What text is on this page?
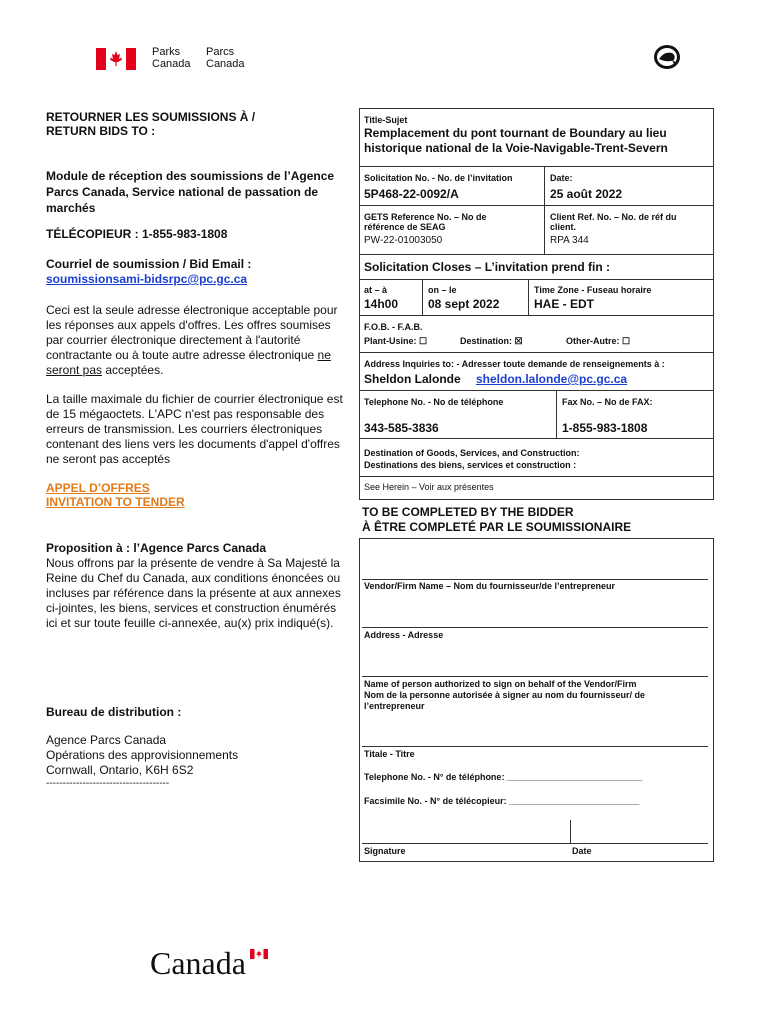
Parks
Canada
Parcs
Canada
RETOURNER LES SOUMISSIONS À /
RETURN BIDS TO :
Module de réception des soumissions de l’Agence
Parcs Canada, Service national de passation de
marchés
TÉLÉCOPIEUR : 1-855-983-1808
Courriel de soumission / Bid Email :
soumissionsami-bidsrpc@pc.gc.ca
Ceci est la seule adresse électronique acceptable pour
les réponses aux appels d'offres. Les offres soumises
par courrier électronique directement à l'autorité
contractante ou à toute autre adresse électronique ne
seront pas acceptées.
La taille maximale du fichier de courrier électronique est
de 15 mégaoctets. L'APC n'est pas responsable des
erreurs de transmission. Les courriers électroniques
contenant des liens vers les documents d'appel d'offres
ne seront pas acceptés
APPEL D’OFFRES
INVITATION TO TENDER
Proposition à : l’Agence Parcs Canada
Nous offrons par la présente de vendre à Sa Majesté la
Reine du Chef du Canada, aux conditions énoncées ou
incluses par référence dans la présente at aux annexes
ci-jointes, les biens, services et construction énumérés
ici et sur toute feuille ci-annexée, au(x) prix indiqué(s).
Bureau de distribution :
Agence Parcs Canada
Opérations des approvisionnements
Cornwall, Ontario, K6H 6S2
-------------------------------------
Title-Sujet
Remplacement du pont tournant de Boundary au lieu
historique national de la Voie-Navigable-Trent-Severn
Solicitation No. - No. de l’invitation
5P468-22-0092/A
Date:
25 août 2022
GETS Reference No. – No de
référence de SEAG
PW-22-01003050
Client Ref. No. – No. de réf du
client.
RPA 344
Solicitation Closes – L’invitation prend fin :
at – à
14h00
on – le
08 sept 2022
Time Zone - Fuseau horaire
HAE - EDT
F.O.B. - F.A.B.
Plant-Usine: ☐	Destination: ☒	Other-Autre: ☐
Address Inquiries to: - Adresser toute demande de renseignements à :
Sheldon Lalonde sheldon.lalonde@pc.gc.ca
Telephone No. - No de téléphone
343-585-3836
Fax No. – No de FAX:
1-855-983-1808
Destination of Goods, Services, and Construction:
Destinations des biens, services et construction :
See Herein – Voir aux présentes
TO BE COMPLETED BY THE BIDDER
À ÊTRE COMPLETÉ PAR LE SOUMISSIONAIRE
Vendor/Firm Name – Nom du fournisseur/de l’entrepreneur
Address - Adresse
Name of person authorized to sign on behalf of the Vendor/Firm
Nom de la personne autorisée à signer au nom du fournisseur/ de
l’entrepreneur
Titale - Titre
Telephone No. - N° de téléphone: ___________________________
Facsimile No. - N° de télécopieur: __________________________
Signature	Date
Canada
